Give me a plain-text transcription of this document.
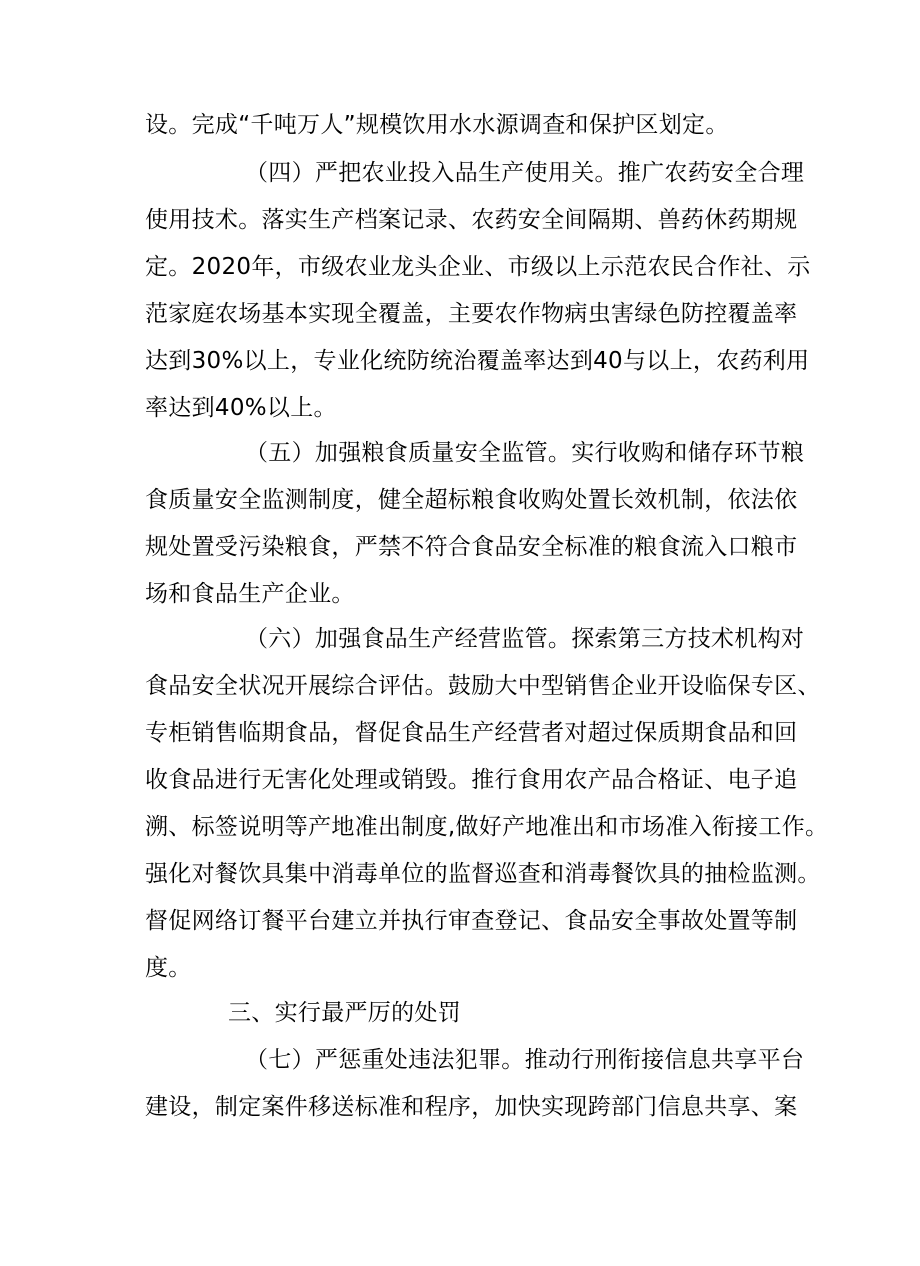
设。完成“千吨万人”规模饮用水水源调查和保护区划定。
（四）严把农业投入品生产使用关。推广农药安全合理
使用技术。落实生产档案记录、农药安全间隔期、兽药休药期规
定。2020年，市级农业龙头企业、市级以上示范农民合作社、示
范家庭农场基本实现全覆盖，主要农作物病虫害绿色防控覆盖率
达到30%以上，专业化统防统治覆盖率达到40与以上，农药利用
率达到40%以上。
（五）加强粮食质量安全监管。实行收购和储存环节粮
食质量安全监测制度，健全超标粮食收购处置长效机制，依法依
规处置受污染粮食，严禁不符合食品安全标准的粮食流入口粮市
场和食品生产企业。
（六）加强食品生产经营监管。探索第三方技术机构对
食品安全状况开展综合评估。鼓励大中型销售企业开设临保专区、
专柜销售临期食品，督促食品生产经营者对超过保质期食品和回
收食品进行无害化处理或销毁。推行食用农产品合格证、电子追
溯、标签说明等产地准出制度,做好产地准出和市场准入衔接工作。
强化对餐饮具集中消毒单位的监督巡查和消毒餐饮具的抽检监测。
督促网络订餐平台建立并执行审查登记、食品安全事故处置等制
度。
三、实行最严厉的处罚
（七）严惩重处违法犯罪。推动行刑衔接信息共享平台
建设，制定案件移送标准和程序，加快实现跨部门信息共享、案
